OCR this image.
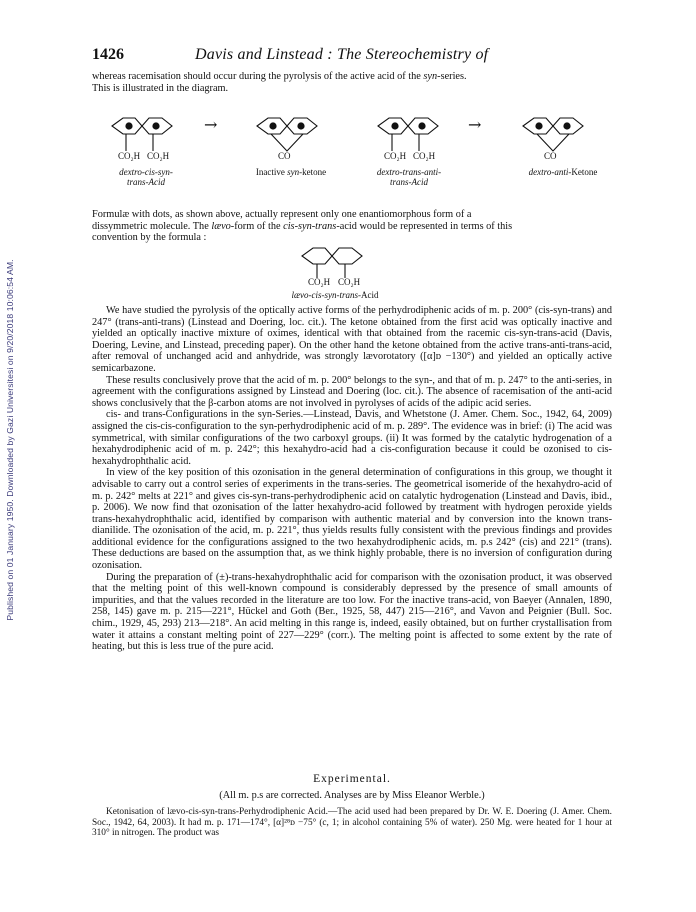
Published on 01 January 1950. Downloaded by Gazi Universitesi on 9/20/2018 10:06:54 AM.
1426	Davis and Linstead : The Stereochemistry of
whereas racemisation should occur during the pyrolysis of the active acid of the syn-series.
This is illustrated in the diagram.
→	→
CO₂H CO₂H	CO	CO₂H CO₂H	CO
dextro-cis-syn-
trans-Acid
Inactive syn-ketone	dextro-trans-anti-
trans-Acid
dextro-anti-Ketone
Formulæ with dots, as shown above, actually represent only one enantiomorphous form of a
dissymmetric molecule. The lævo-form of the cis-syn-trans-acid would be represented in terms of this
convention by the formula :
CO₂H CO₂H
lævo-cis-syn-trans-Acid

We have studied the pyrolysis of the optically active forms of the perhydrodiphenic acids of m. p. 200° (cis-syn-trans) and 247° (trans-anti-trans) (Linstead and Doering, loc. cit.). The ketone obtained from the first acid was optically inactive and yielded an optically inactive mixture of oximes, identical with that obtained from the racemic cis-syn-trans-acid (Davis, Doering, Levine, and Linstead, preceding paper). On the other hand the ketone obtained from the active trans-anti-trans-acid, after removal of unchanged acid and anhydride, was strongly lævorotatory ([α]ᴅ −130°) and yielded an optically active semicarbazone.

These results conclusively prove that the acid of m. p. 200° belongs to the syn-, and that of m. p. 247° to the anti-series, in agreement with the configurations assigned by Linstead and Doering (loc. cit.). The absence of racemisation of the anti-acid shows conclusively that the β-carbon atoms are not involved in pyrolyses of acids of the adipic acid series.

cis- and trans-Configurations in the syn-Series.—Linstead, Davis, and Whetstone (J. Amer. Chem. Soc., 1942, 64, 2009) assigned the cis-cis-configuration to the syn-perhydrodiphenic acid of m. p. 289°. The evidence was in brief: (i) The acid was symmetrical, with similar configurations of the two carboxyl groups. (ii) It was formed by the catalytic hydrogenation of a hexahydrodiphenic acid of m. p. 242°; this hexahydro-acid had a cis-configuration because it could be ozonised to cis-hexahydrophthalic acid.

In view of the key position of this ozonisation in the general determination of configurations in this group, we thought it advisable to carry out a control series of experiments in the trans-series. The geometrical isomeride of the hexahydro-acid of m. p. 242° melts at 221° and gives cis-syn-trans-perhydrodiphenic acid on catalytic hydrogenation (Linstead and Davis, ibid., p. 2006). We now find that ozonisation of the latter hexahydro-acid followed by treatment with hydrogen peroxide yields trans-hexahydrophthalic acid, identified by comparison with authentic material and by conversion into the known trans-dianilide. The ozonisation of the acid, m. p. 221°, thus yields results fully consistent with the previous findings and provides additional evidence for the configurations assigned to the two hexahydrodiphenic acids, m. p.s 242° (cis) and 221° (trans). These deductions are based on the assumption that, as we think highly probable, there is no inversion of configuration during ozonisation.

During the preparation of (±)-trans-hexahydrophthalic acid for comparison with the ozonisation product, it was observed that the melting point of this well-known compound is considerably depressed by the presence of small amounts of impurities, and that the values recorded in the literature are too low. For the inactive trans-acid, von Baeyer (Annalen, 1890, 258, 145) gave m. p. 215—221°, Hückel and Goth (Ber., 1925, 58, 447) 215—216°, and Vavon and Peignier (Bull. Soc. chim., 1929, 45, 293) 213—218°. An acid melting in this range is, indeed, easily obtained, but on further crystallisation from water it attains a constant melting point of 227—229° (corr.). The melting point is affected to some extent by the rate of heating, but this is less true of the pure acid.

Experimental.
(All m. p.s are corrected. Analyses are by Miss Eleanor Werble.)

Ketonisation of lævo-cis-syn-trans-Perhydrodiphenic Acid.—The acid used had been prepared by Dr. W. E. Doering (J. Amer. Chem. Soc., 1942, 64, 2003). It had m. p. 171—174°, [α]²⁸ᴅ −75° (c, 1; in alcohol containing 5% of water). 250 Mg. were heated for 1 hour at 310° in nitrogen. The product was
